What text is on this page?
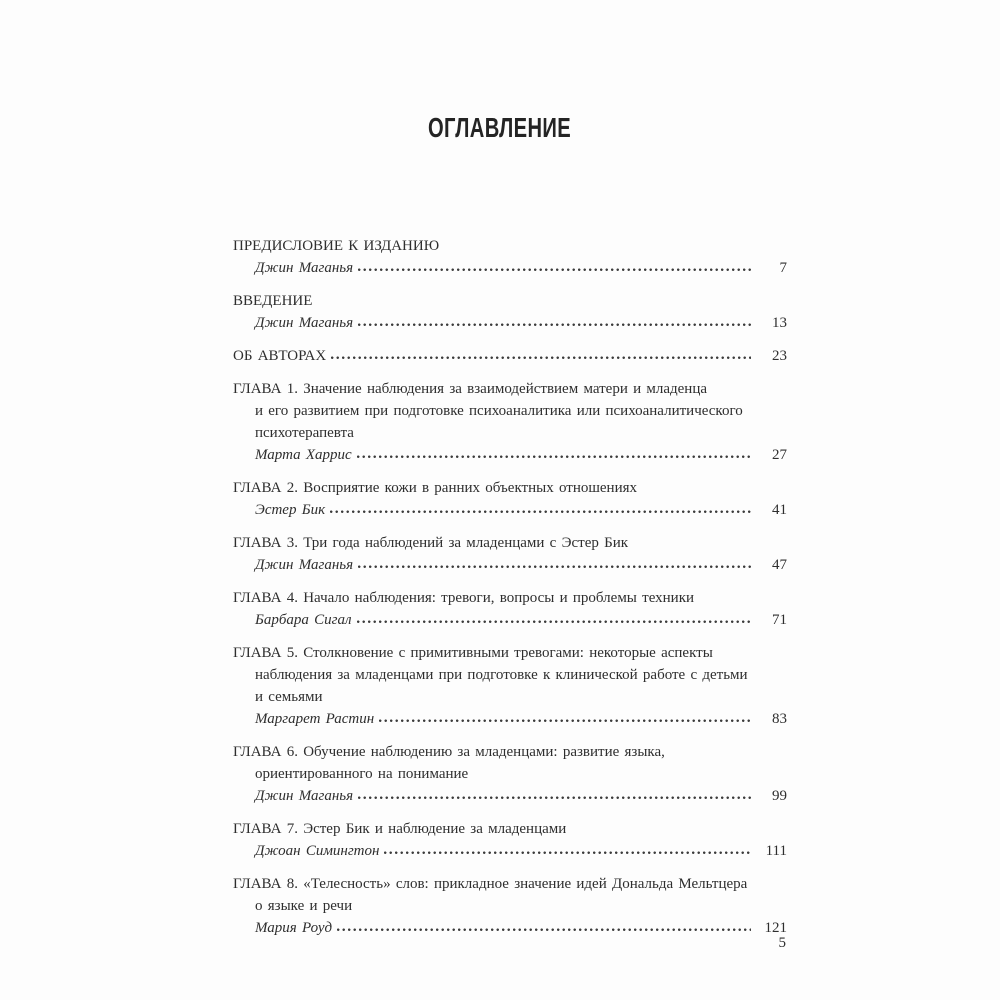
ОГЛАВЛЕНИЕ
ПРЕДИСЛОВИЕ К ИЗДАНИЮ
Джин Маганья	7
ВВЕДЕНИЕ
Джин Маганья	13
ОБ АВТОРАХ	23
ГЛАВА 1. Значение наблюдения за взаимодействием матери и младенца
и его развитием при подготовке психоаналитика или психоаналитического
психотерапевта
Марта Харрис	27
ГЛАВА 2. Восприятие кожи в ранних объектных отношениях
Эстер Бик	41
ГЛАВА 3. Три года наблюдений за младенцами с Эстер Бик
Джин Маганья	47
ГЛАВА 4. Начало наблюдения: тревоги, вопросы и проблемы техники
Барбара Сигал	71
ГЛАВА 5. Столкновение с примитивными тревогами: некоторые аспекты
наблюдения за младенцами при подготовке к клинической работе с детьми
и семьями
Маргарет Растин	83
ГЛАВА 6. Обучение наблюдению за младенцами: развитие языка,
ориентированного на понимание
Джин Маганья	99
ГЛАВА 7. Эстер Бик и наблюдение за младенцами
Джоан Симингтон	111
ГЛАВА 8. «Телесность» слов: прикладное значение идей Дональда Мельтцера
о языке и речи
Мария Роуд	121
5
